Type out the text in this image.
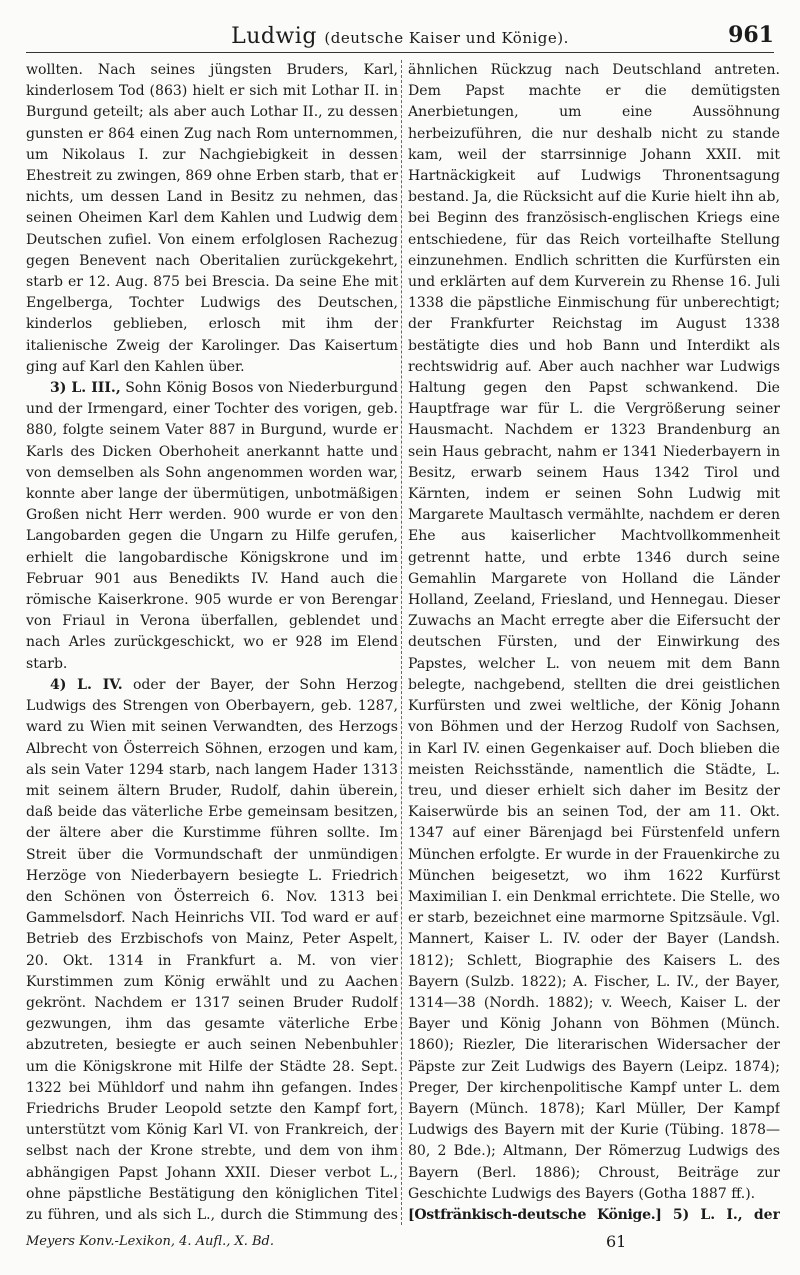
Ludwig (deutsche Kaiser und Könige).	961

wollten. Nach seines jüngsten Bruders, Karl, kinderlosem Tod (863) hielt er sich mit Lothar II. in Burgund geteilt; als aber auch Lothar II., zu dessen gunsten er 864 einen Zug nach Rom unternommen, um Nikolaus I. zur Nachgiebigkeit in dessen Ehestreit zu zwingen, 869 ohne Erben starb, that er nichts, um dessen Land in Besitz zu nehmen, das seinen Oheimen Karl dem Kahlen und Ludwig dem Deutschen zufiel. Von einem erfolglosen Rachezug gegen Benevent nach Oberitalien zurückgekehrt, starb er 12. Aug. 875 bei Brescia. Da seine Ehe mit Engelberga, Tochter Ludwigs des Deutschen, kinderlos geblieben, erlosch mit ihm der italienische Zweig der Karolinger. Das Kaisertum ging auf Karl den Kahlen über.

3) L. III., Sohn König Bosos von Niederburgund und der Irmengard, einer Tochter des vorigen, geb. 880, folgte seinem Vater 887 in Burgund, wurde er Karls des Dicken Oberhoheit anerkannt hatte und von demselben als Sohn angenommen worden war, konnte aber lange der übermütigen, unbotmäßigen Großen nicht Herr werden. 900 wurde er von den Langobarden gegen die Ungarn zu Hilfe gerufen, erhielt die langobardische Königskrone und im Februar 901 aus Benedikts IV. Hand auch die römische Kaiserkrone. 905 wurde er von Berengar von Friaul in Verona überfallen, geblendet und nach Arles zurückgeschickt, wo er 928 im Elend starb.

4) L. IV. oder der Bayer, der Sohn Herzog Ludwigs des Strengen von Oberbayern, geb. 1287, ward zu Wien mit seinen Verwandten, des Herzogs Albrecht von Österreich Söhnen, erzogen und kam, als sein Vater 1294 starb, nach langem Hader 1313 mit seinem ältern Bruder, Rudolf, dahin überein, daß beide das väterliche Erbe gemeinsam besitzen, der ältere aber die Kurstimme führen sollte. Im Streit über die Vormundschaft der unmündigen Herzöge von Niederbayern besiegte L. Friedrich den Schönen von Österreich 6. Nov. 1313 bei Gammelsdorf. Nach Heinrichs VII. Tod ward er auf Betrieb des Erzbischofs von Mainz, Peter Aspelt, 20. Okt. 1314 in Frankfurt a. M. von vier Kurstimmen zum König erwählt und zu Aachen gekrönt. Nachdem er 1317 seinen Bruder Rudolf gezwungen, ihm das gesamte väterliche Erbe abzutreten, besiegte er auch seinen Nebenbuhler um die Königskrone mit Hilfe der Städte 28. Sept. 1322 bei Mühldorf und nahm ihn gefangen. Indes Friedrichs Bruder Leopold setzte den Kampf fort, unterstützt vom König Karl VI. von Frankreich, der selbst nach der Krone strebte, und dem von ihm abhängigen Papst Johann XXII. Dieser verbot L., ohne päpstliche Bestätigung den königlichen Titel zu führen, und als sich L., durch die Stimmung des

ähnlichen Rückzug nach Deutschland antreten. Dem Papst machte er die demütigsten Anerbietungen, um eine Aussöhnung herbeizuführen, die nur deshalb nicht zu stande kam, weil der starrsinnige Johann XXII. mit Hartnäckigkeit auf Ludwigs Thronentsagung bestand. Ja, die Rücksicht auf die Kurie hielt ihn ab, bei Beginn des französisch-englischen Kriegs eine entschiedene, für das Reich vorteilhafte Stellung einzunehmen. Endlich schritten die Kurfürsten ein und erklärten auf dem Kurverein zu Rhense 16. Juli 1338 die päpstliche Einmischung für unberechtigt; der Frankfurter Reichstag im August 1338 bestätigte dies und hob Bann und Interdikt als rechtswidrig auf. Aber auch nachher war Ludwigs Haltung gegen den Papst schwankend. Die Hauptfrage war für L. die Vergrößerung seiner Hausmacht. Nachdem er 1323 Brandenburg an sein Haus gebracht, nahm er 1341 Niederbayern in Besitz, erwarb seinem Haus 1342 Tirol und Kärnten, indem er seinen Sohn Ludwig mit Margarete Maultasch vermählte, nachdem er deren Ehe aus kaiserlicher Machtvollkommenheit getrennt hatte, und erbte 1346 durch seine Gemahlin Margarete von Holland die Länder Holland, Zeeland, Friesland, und Hennegau. Dieser Zuwachs an Macht erregte aber die Eifersucht der deutschen Fürsten, und der Einwirkung des Papstes, welcher L. von neuem mit dem Bann belegte, nachgebend, stellten die drei geistlichen Kurfürsten und zwei weltliche, der König Johann von Böhmen und der Herzog Rudolf von Sachsen, in Karl IV. einen Gegenkaiser auf. Doch blieben die meisten Reichsstände, namentlich die Städte, L. treu, und dieser erhielt sich daher im Besitz der Kaiserwürde bis an seinen Tod, der am 11. Okt. 1347 auf einer Bärenjagd bei Fürstenfeld unfern München erfolgte. Er wurde in der Frauenkirche zu München beigesetzt, wo ihm 1622 Kurfürst Maximilian I. ein Denkmal errichtete. Die Stelle, wo er starb, bezeichnet eine marmorne Spitzsäule. Vgl. Mannert, Kaiser L. IV. oder der Bayer (Landsh. 1812); Schlett, Biographie des Kaisers L. des Bayern (Sulzb. 1822); A. Fischer, L. IV., der Bayer, 1314—38 (Nordh. 1882); v. Weech, Kaiser L. der Bayer und König Johann von Böhmen (Münch. 1860); Riezler, Die literarischen Widersacher der Päpste zur Zeit Ludwigs des Bayern (Leipz. 1874); Preger, Der kirchenpolitische Kampf unter L. dem Bayern (Münch. 1878); Karl Müller, Der Kampf Ludwigs des Bayern mit der Kurie (Tübing. 1878—80, 2 Bde.); Altmann, Der Römerzug Ludwigs des Bayern (Berl. 1886); Chroust, Beiträge zur Geschichte Ludwigs des Bayers (Gotha 1887 ff.).

[Ostfränkisch-deutsche Könige.] 5) L. I., der

Meyers Konv.-Lexikon, 4. Aufl., X. Bd.	61
